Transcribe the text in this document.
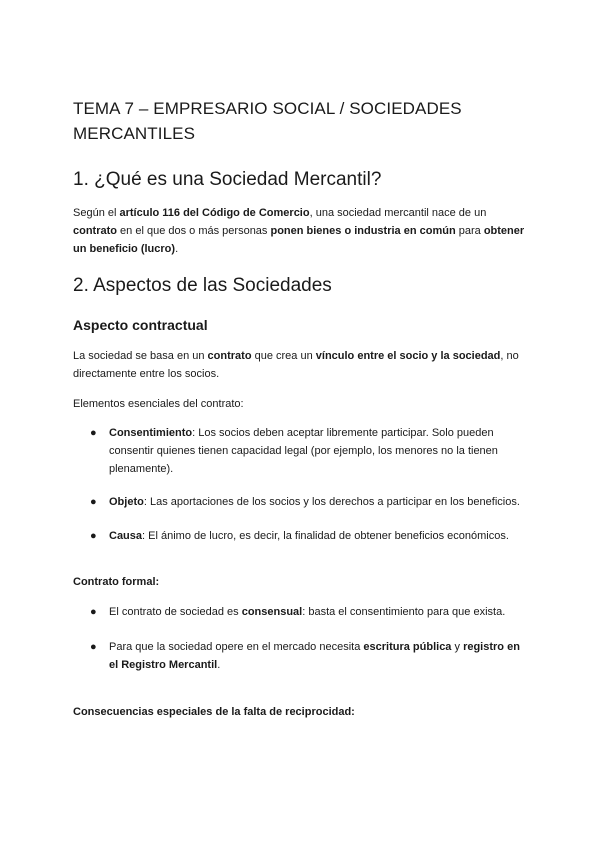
TEMA 7 – EMPRESARIO SOCIAL / SOCIEDADES MERCANTILES
1. ¿Qué es una Sociedad Mercantil?

Según el artículo 116 del Código de Comercio, una sociedad mercantil nace de un contrato en el que dos o más personas ponen bienes o industria en común para obtener un beneficio (lucro).

2. Aspectos de las Sociedades
Aspecto contractual

La sociedad se basa en un contrato que crea un vínculo entre el socio y la sociedad, no directamente entre los socios.

Elementos esenciales del contrato:

● Consentimiento: Los socios deben aceptar libremente participar. Solo pueden consentir quienes tienen capacidad legal (por ejemplo, los menores no la tienen plenamente).

● Objeto: Las aportaciones de los socios y los derechos a participar en los beneficios.

● Causa: El ánimo de lucro, es decir, la finalidad de obtener beneficios económicos.

Contrato formal:

● El contrato de sociedad es consensual: basta el consentimiento para que exista.

● Para que la sociedad opere en el mercado necesita escritura pública y registro en el Registro Mercantil.

Consecuencias especiales de la falta de reciprocidad:
